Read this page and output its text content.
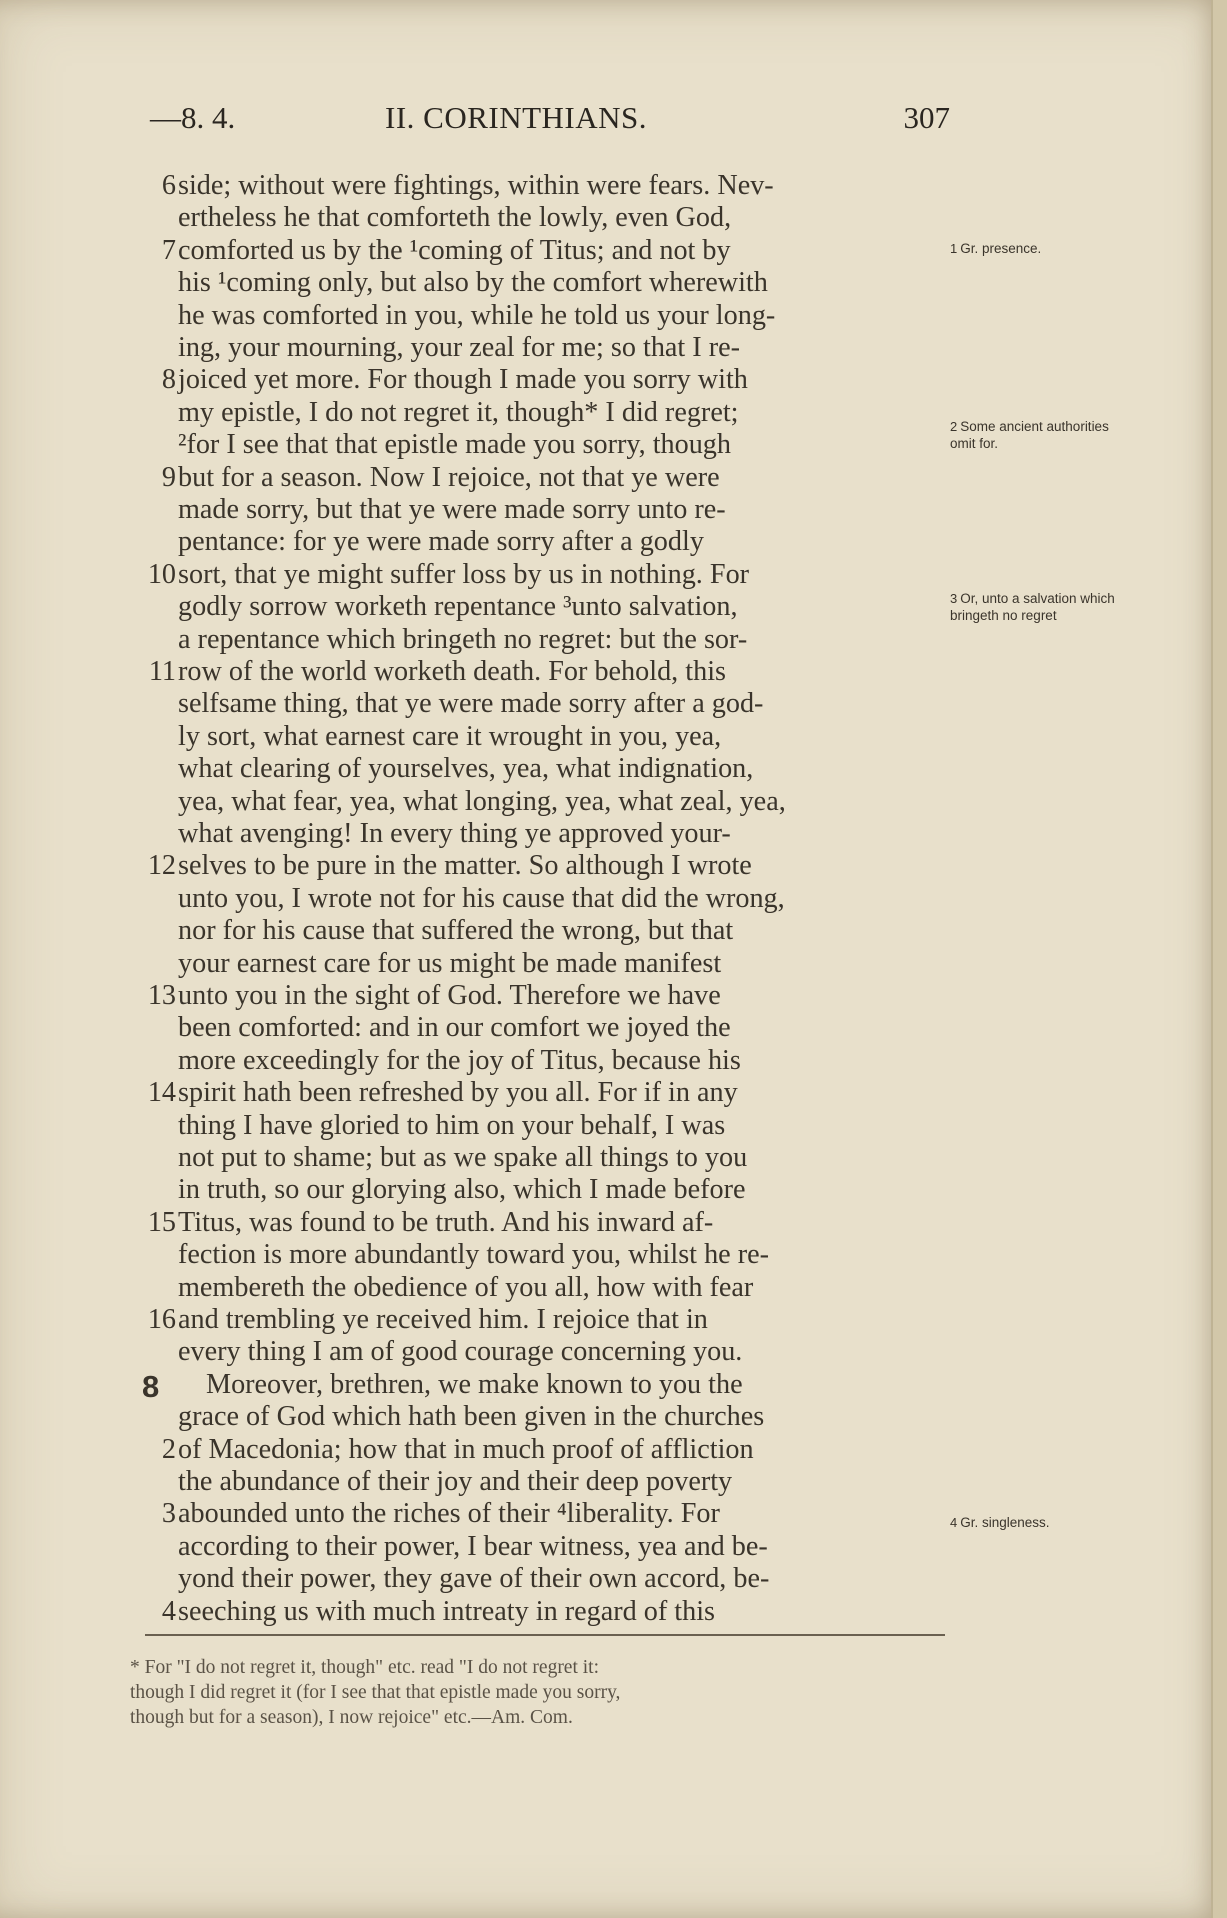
—8. 4.	II. CORINTHIANS.	307
6 side; without were fightings, within were fears. Nev-
ertheless he that comforteth the lowly, even God,
7 comforted us by the ¹coming of Titus; and not by
his ¹coming only, but also by the comfort wherewith
he was comforted in you, while he told us your long-
ing, your mourning, your zeal for me; so that I re-
8 joiced yet more. For though I made you sorry with
my epistle, I do not regret it, though* I did regret;
²for I see that that epistle made you sorry, though
9 but for a season. Now I rejoice, not that ye were
made sorry, but that ye were made sorry unto re-
pentance: for ye were made sorry after a godly
10 sort, that ye might suffer loss by us in nothing. For
godly sorrow worketh repentance ³unto salvation,
a repentance which bringeth no regret: but the sor-
11 row of the world worketh death. For behold, this
selfsame thing, that ye were made sorry after a god-
ly sort, what earnest care it wrought in you, yea,
what clearing of yourselves, yea, what indignation,
yea, what fear, yea, what longing, yea, what zeal, yea,
what avenging! In every thing ye approved your-
12 selves to be pure in the matter. So although I wrote
unto you, I wrote not for his cause that did the wrong,
nor for his cause that suffered the wrong, but that
your earnest care for us might be made manifest
13 unto you in the sight of God. Therefore we have
been comforted: and in our comfort we joyed the
more exceedingly for the joy of Titus, because his
14 spirit hath been refreshed by you all. For if in any
thing I have gloried to him on your behalf, I was
not put to shame; but as we spake all things to you
in truth, so our glorying also, which I made before
15 Titus, was found to be truth. And his inward af-
fection is more abundantly toward you, whilst he re-
membereth the obedience of you all, how with fear
16 and trembling ye received him. I rejoice that in
every thing I am of good courage concerning you.
8	Moreover, brethren, we make known to you the
grace of God which hath been given in the churches
2 of Macedonia; how that in much proof of affliction
the abundance of their joy and their deep poverty
3 abounded unto the riches of their ⁴liberality. For
according to their power, I bear witness, yea and be-
yond their power, they gave of their own accord, be-
4 seeching us with much intreaty in regard of this
1 Gr. presence.
2 Some ancient authorities omit for.
3 Or, unto a salvation which bringeth no regret
4 Gr. singleness.
* For "I do not regret it, though" etc. read "I do not regret it:
though I did regret it (for I see that that epistle made you sorry,
though but for a season), I now rejoice" etc.—Am. Com.
